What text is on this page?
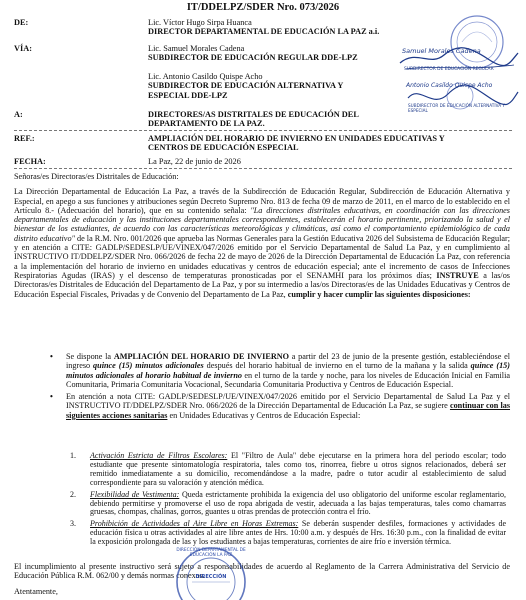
IT/DDELPZ/SDER Nro. 073/2026
DE:	Lic. Víctor Hugo Sirpa Huanca
DIRECTOR DEPARTAMENTAL DE EDUCACIÓN LA PAZ a.i.
VÍA:	Lic. Samuel Morales Cadena
SUBDIRECTOR DE EDUCACIÓN REGULAR DDE-LPZ
Lic. Antonio Casildo Quispe Acho
SUBDIRECTOR DE EDUCACIÓN ALTERNATIVA Y ESPECIAL DDE-LPZ
A:	DIRECTORES/AS DISTRITALES DE EDUCACIÓN DEL DEPARTAMENTO DE LA PAZ.
REF.:	AMPLIACIÓN DEL HORARIO DE INVIERNO EN UNIDADES EDUCATIVAS Y CENTROS DE EDUCACIÓN ESPECIAL
FECHA:	La Paz, 22 de junio de 2026

Señoras/es Directoras/es Distritales de Educación:

La Dirección Departamental de Educación La Paz, a través de la Subdirección de Educación Regular, Subdirección de Educación Alternativa y Especial, en apego a sus funciones y atribuciones según Decreto Supremo Nro. 813 de fecha 09 de marzo de 2011, en el marco de lo establecido en el Artículo 8.- (Adecuación del horario), que en su contenido señala: "La direcciones distritales educativas, en coordinación con las direcciones departamentales de educación y las instituciones departamentales correspondientes, establecerán el horario pertinente, priorizando la salud y el bienestar de los estudiantes, de acuerdo con las características meteorológicas y climáticas, así como el comportamiento epidemiológico de cada distrito educativo" de la R.M. Nro. 001/2026 que aprueba las Normas Generales para la Gestión Educativa 2026 del Subsistema de Educación Regular; y en atención a CITE: GADLP/SEDESLP/UE/VINEX/047/2026 emitido por el Servicio Departamental de Salud La Paz, y en cumplimiento al INSTRUCTIVO IT/DDELPZ/SDER Nro. 066/2026 de fecha 22 de mayo de 2026 de la Dirección Departamental de Educación La Paz, con referencia a la implementación del horario de invierno en unidades educativas y centros de educación especial; ante el incremento de casos de Infecciones Respiratorias Agudas (IRAS) y el descenso de temperaturas pronosticadas por el SENAMHI para los próximos días; INSTRUYE a las/os Directoras/es Distritales de Educación del Departamento de La Paz, y por su intermedio a las/os Directoras/es de las Unidades Educativas y Centros de Educación Especial Fiscales, Privadas y de Convenio del Departamento de La Paz, cumplir y hacer cumplir las siguientes disposiciones:

• Se dispone la AMPLIACIÓN DEL HORARIO DE INVIERNO a partir del 23 de junio de la presente gestión, estableciéndose el ingreso quince (15) minutos adicionales después del horario habitual de invierno en el turno de la mañana y la salida quince (15) minutos adicionales al horario habitual de invierno en el turno de la tarde y noche, para los niveles de Educación Inicial en Familia Comunitaria, Primaria Comunitaria Vocacional, Secundaria Comunitaria Productiva y Centros de Educación Especial.
• En atención a nota CITE: GADLP/SEDESLP/UE/VINEX/047/2026 emitido por el Servicio Departamental de Salud La Paz y el INSTRUCTIVO IT/DDELPZ/SDER Nro. 066/2026 de la Dirección Departamental de Educación La Paz, se sugiere continuar con las siguientes acciones sanitarias en Unidades Educativas y Centros de Educación Especial:
1. Activación Estricta de Filtros Escolares: El "Filtro de Aula" debe ejecutarse en la primera hora del periodo escolar; todo estudiante que presente sintomatología respiratoria, tales como tos, rinorrea, fiebre u otros signos relacionados, deberá ser remitido inmediatamente a su domicilio, recomendándose a la madre, padre o tutor acudir al establecimiento de salud correspondiente para su valoración y atención médica.
2. Flexibilidad de Vestimenta: Queda estrictamente prohibida la exigencia del uso obligatorio del uniforme escolar reglamentario, debiendo permitirse y promoverse el uso de ropa abrigada de vestir, adecuada a las bajas temperaturas, tales como chamarras gruesas, chompas, chalinas, gorros, guantes u otras prendas de protección contra el frío.
3. Prohibición de Actividades al Aire Libre en Horas Extremas: Se deberán suspender desfiles, formaciones y actividades de educación física u otras actividades al aire libre antes de Hrs. 10:00 a.m. y después de Hrs. 16:30 p.m., con la finalidad de evitar la exposición prolongada de las y los estudiantes a bajas temperaturas, corrientes de aire frío e inversión térmica.

El incumplimiento al presente instructivo será sujeto a responsabilidades de acuerdo al Reglamento de la Carrera Administrativa del Servicio de Educación Pública R.M. 062/00 y demás normas conexas.

Atentamente,

Samuel Morales Cadena
SUBDIRECTOR DE EDUCACIÓN REGULAR
Antonio Casildo Quispe Acho
SUBDIRECTOR DE EDUCACIÓN ALTERNATIVA Y ESPECIAL
DIRECCIÓN DEPARTAMENTAL DE EDUCACIÓN LA PAZ
DIRECCIÓN
